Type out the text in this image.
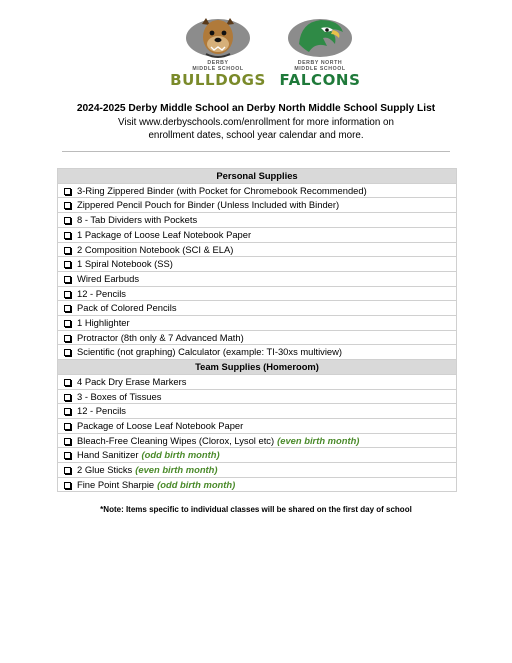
DERBY
MIDDLE SCHOOL
BULLDOGS
DERBY NORTH
MIDDLE SCHOOL
FALCONS
2024-2025 Derby Middle School an Derby North Middle School Supply List
Visit www.derbyschools.com/enrollment for more information on
enrollment dates, school year calendar and more.
Personal Supplies
3-Ring Zippered Binder (with Pocket for Chromebook Recommended)
Zippered Pencil Pouch for Binder (Unless Included with Binder)
8 - Tab Dividers with Pockets
1 Package of Loose Leaf Notebook Paper
2 Composition Notebook (SCI & ELA)
1 Spiral Notebook (SS)
Wired Earbuds
12 - Pencils
Pack of Colored Pencils
1 Highlighter
Protractor (8th only & 7 Advanced Math)
Scientific (not graphing) Calculator (example: TI-30xs multiview)
Team Supplies (Homeroom)
4 Pack Dry Erase Markers
3 - Boxes of Tissues
12 - Pencils
Package of Loose Leaf Notebook Paper
Bleach-Free Cleaning Wipes (Clorox, Lysol etc) (even birth month)
Hand Sanitizer (odd birth month)
2 Glue Sticks (even birth month)
Fine Point Sharpie (odd birth month)
*Note: Items specific to individual classes will be shared on the first day of school
